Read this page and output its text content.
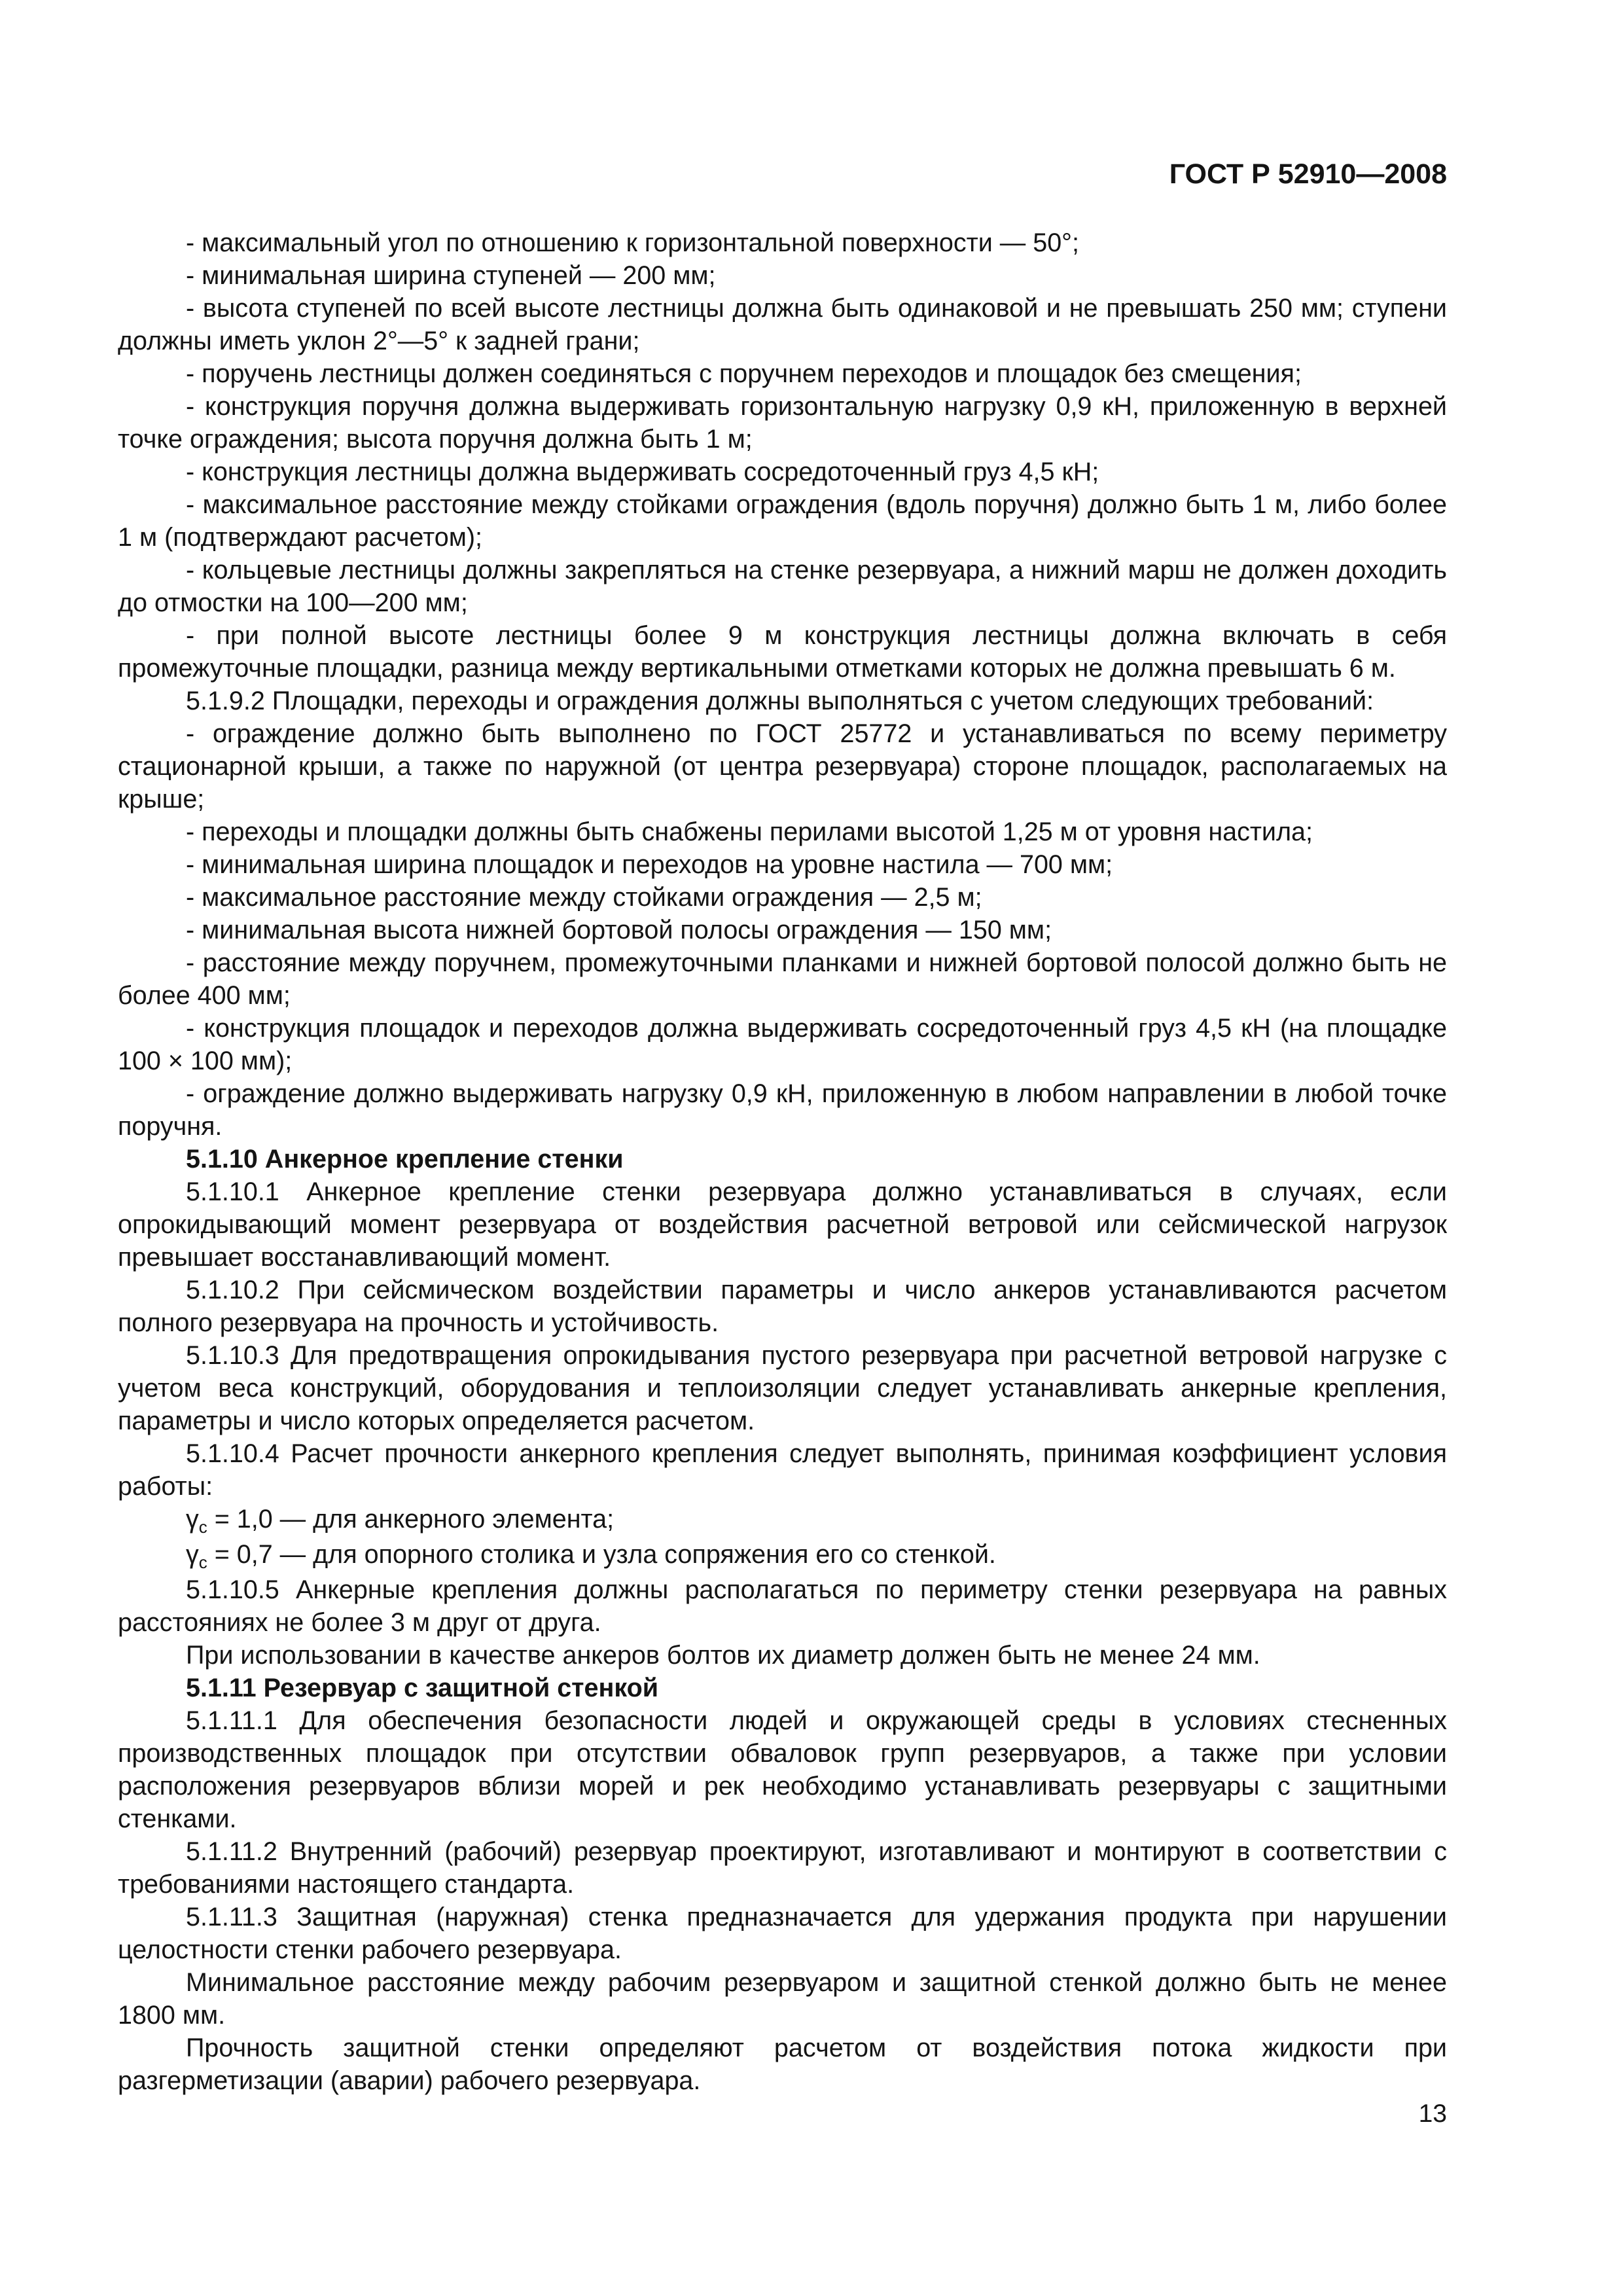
ГОСТ Р 52910—2008

- максимальный угол по отношению к горизонтальной поверхности — 50°;

- минимальная ширина ступеней — 200 мм;

- высота ступеней по всей высоте лестницы должна быть одинаковой и не превышать 250 мм; ступени должны иметь уклон 2°—5° к задней грани;

- поручень лестницы должен соединяться с поручнем переходов и площадок без смещения;

- конструкция поручня должна выдерживать горизонтальную нагрузку 0,9 кН, приложенную в верхней точке ограждения; высота поручня должна быть 1 м;

- конструкция лестницы должна выдерживать сосредоточенный груз 4,5 кН;

- максимальное расстояние между стойками ограждения (вдоль поручня) должно быть 1 м, либо более 1 м (подтверждают расчетом);

- кольцевые лестницы должны закрепляться на стенке резервуара, а нижний марш не должен доходить до отмостки на 100—200 мм;

- при полной высоте лестницы более 9 м конструкция лестницы должна включать в себя промежуточные площадки, разница между вертикальными отметками которых не должна превышать 6 м.

5.1.9.2 Площадки, переходы и ограждения должны выполняться с учетом следующих требований:

- ограждение должно быть выполнено по ГОСТ 25772 и устанавливаться по всему периметру стационарной крыши, а также по наружной (от центра резервуара) стороне площадок, располагаемых на крыше;

- переходы и площадки должны быть снабжены перилами высотой 1,25 м от уровня настила;

- минимальная ширина площадок и переходов на уровне настила — 700 мм;

- максимальное расстояние между стойками ограждения — 2,5 м;

- минимальная высота нижней бортовой полосы ограждения — 150 мм;

- расстояние между поручнем, промежуточными планками и нижней бортовой полосой должно быть не более 400 мм;

- конструкция площадок и переходов должна выдерживать сосредоточенный груз 4,5 кН (на площадке 100 × 100 мм);

- ограждение должно выдерживать нагрузку 0,9 кН, приложенную в любом направлении в любой точке поручня.

5.1.10 Анкерное крепление стенки

5.1.10.1 Анкерное крепление стенки резервуара должно устанавливаться в случаях, если опрокидывающий момент резервуара от воздействия расчетной ветровой или сейсмической нагрузок превышает восстанавливающий момент.

5.1.10.2 При сейсмическом воздействии параметры и число анкеров устанавливаются расчетом полного резервуара на прочность и устойчивость.

5.1.10.3 Для предотвращения опрокидывания пустого резервуара при расчетной ветровой нагрузке с учетом веса конструкций, оборудования и теплоизоляции следует устанавливать анкерные крепления, параметры и число которых определяется расчетом.

5.1.10.4 Расчет прочности анкерного крепления следует выполнять, принимая коэффициент условия работы:

$\gamma_с = 1,0$ — для анкерного элемента;

$\gamma_с = 0,7$ — для опорного столика и узла сопряжения его со стенкой.

5.1.10.5 Анкерные крепления должны располагаться по периметру стенки резервуара на равных расстояниях не более 3 м друг от друга.

При использовании в качестве анкеров болтов их диаметр должен быть не менее 24 мм.

5.1.11 Резервуар с защитной стенкой

5.1.11.1 Для обеспечения безопасности людей и окружающей среды в условиях стесненных производственных площадок при отсутствии обваловок групп резервуаров, а также при условии расположения резервуаров вблизи морей и рек необходимо устанавливать резервуары с защитными стенками.

5.1.11.2 Внутренний (рабочий) резервуар проектируют, изготавливают и монтируют в соответствии с требованиями настоящего стандарта.

5.1.11.3 Защитная (наружная) стенка предназначается для удержания продукта при нарушении целостности стенки рабочего резервуара.

Минимальное расстояние между рабочим резервуаром и защитной стенкой должно быть не менее 1800 мм.

Прочность защитной стенки определяют расчетом от воздействия потока жидкости при разгерметизации (аварии) рабочего резервуара.

13
